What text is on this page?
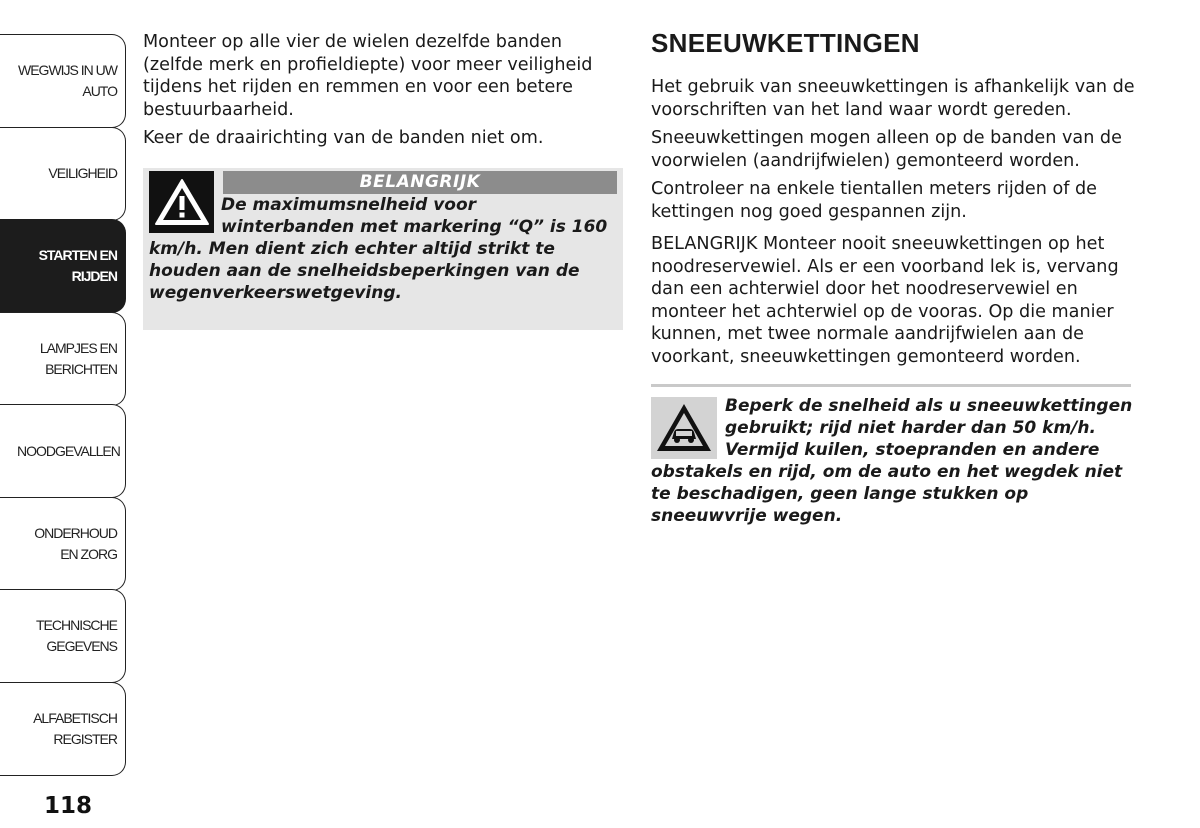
WEGWIJS IN UW AUTO
VEILIGHEID
STARTEN EN RIJDEN
LAMPJES EN BERICHTEN
NOODGEVALLEN
ONDERHOUD EN ZORG
TECHNISCHE GEGEVENS
ALFABETISCH REGISTER
118

Monteer op alle vier de wielen dezelfde banden (zelfde merk en profieldiepte) voor meer veiligheid tijdens het rijden en remmen en voor een betere bestuurbaarheid.

Keer de draairichting van de banden niet om.

BELANGRIJK
De maximumsnelheid voor
winterbanden met markering “Q” is 160
km/h. Men dient zich echter altijd strikt te houden aan de snelheidsbeperkingen van de wegenverkeerswetgeving.
SNEEUWKETTINGEN

Het gebruik van sneeuwkettingen is afhankelijk van de voorschriften van het land waar wordt gereden.

Sneeuwkettingen mogen alleen op de banden van de voorwielen (aandrijfwielen) gemonteerd worden.

Controleer na enkele tientallen meters rijden of de kettingen nog goed gespannen zijn.

BELANGRIJK Monteer nooit sneeuwkettingen op het noodreservewiel. Als er een voorband lek is, vervang dan een achterwiel door het noodreservewiel en monteer het achterwiel op de vooras. Op die manier kunnen, met twee normale aandrijfwielen aan de voorkant, sneeuwkettingen gemonteerd worden.

Beperk de snelheid als u sneeuwkettingen
gebruikt; rijd niet harder dan 50 km/h.
Vermijd kuilen, stoepranden en andere
obstakels en rijd, om de auto en het wegdek niet te beschadigen, geen lange stukken op sneeuwvrije wegen.
